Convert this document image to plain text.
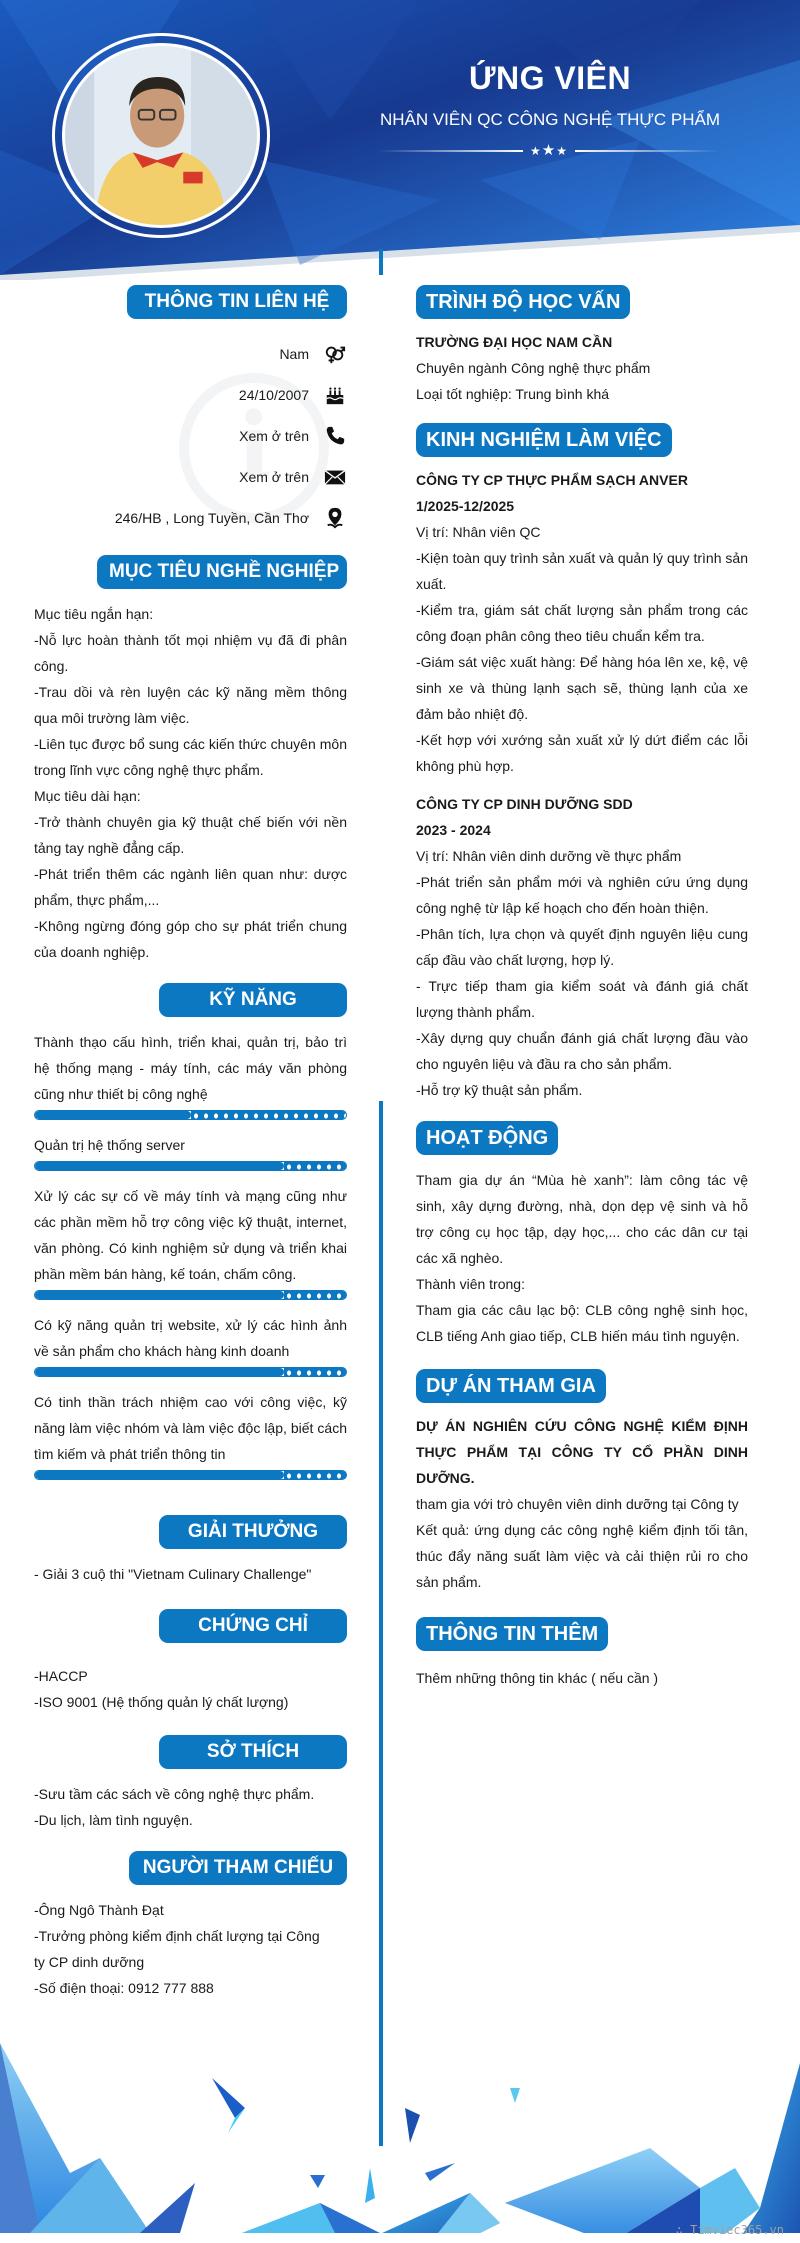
ỨNG VIÊN
NHÂN VIÊN QC CÔNG NGHỆ THỰC PHẨM
★★★
THÔNG TIN LIÊN HỆ
i
Nam
24/10/2007
Xem ở trên
Xem ở trên
246/HB , Long Tuyền, Cần Thơ
MỤC TIÊU NGHỀ NGHIỆP
Mục tiêu ngắn hạn:
-Nỗ lực hoàn thành tốt mọi nhiệm vụ đã đi phân công.
-Trau dồi và rèn luyện các kỹ năng mềm thông qua môi trường làm việc.
-Liên tục được bổ sung các kiến thức chuyên môn trong lĩnh vực công nghệ thực phẩm.
Mục tiêu dài hạn:
-Trở thành chuyên gia kỹ thuật chế biến với nền tảng tay nghề đẳng cấp.
-Phát triển thêm các ngành liên quan như: dược phẩm, thực phẩm,...
-Không ngừng đóng góp cho sự phát triển chung của doanh nghiệp.
KỸ NĂNG
Thành thạo cấu hình, triển khai, quản trị, bảo trì hệ thống mạng - máy tính, các máy văn phòng cũng như thiết bị công nghệ
Quản trị hệ thống server
Xử lý các sự cố về máy tính và mạng cũng như các phần mềm hỗ trợ công việc kỹ thuật, internet, văn phòng. Có kinh nghiệm sử dụng và triển khai phần mềm bán hàng, kế toán, chấm công.
Có kỹ năng quản trị website, xử lý các hình ảnh về sản phẩm cho khách hàng kinh doanh
Có tinh thần trách nhiệm cao với công việc, kỹ năng làm việc nhóm và làm việc độc lập, biết cách tìm kiếm và phát triển thông tin
GIẢI THƯỞNG
- Giải 3 cuộ thi "Vietnam Culinary Challenge"
CHỨNG CHỈ
-HACCP
-ISO 9001 (Hệ thống quản lý chất lượng)
SỞ THÍCH
-Sưu tầm các sách về công nghệ thực phẩm.
-Du lịch, làm tình nguyện.
NGƯỜI THAM CHIẾU
-Ông Ngô Thành Đạt
-Trưởng phòng kiểm định chất lượng tại Công ty CP dinh dưỡng
-Số điện thoại: 0912 777 888
TRÌNH ĐỘ HỌC VẤN
TRƯỜNG ĐẠI HỌC NAM CẦN
Chuyên ngành Công nghệ thực phẩm
Loại tốt nghiệp: Trung bình khá
KINH NGHIỆM LÀM VIỆC
CÔNG TY CP THỰC PHẨM SẠCH ANVER
1/2025-12/2025
Vị trí: Nhân viên QC
-Kiện toàn quy trình sản xuất và quản lý quy trình sản xuất.
-Kiểm tra, giám sát chất lượng sản phẩm trong các công đoạn phân công theo tiêu chuẩn kểm tra.
-Giám sát việc xuất hàng: Để hàng hóa lên xe, kệ, vệ sinh xe và thùng lạnh sạch sẽ, thùng lạnh của xe đảm bảo nhiệt độ.
-Kết hợp với xướng sản xuất xử lý dứt điểm các lỗi không phù hợp.
CÔNG TY CP DINH DƯỠNG SDD
2023 - 2024
Vị trí: Nhân viên dinh dưỡng về thực phẩm
-Phát triển sản phẩm mới và nghiên cứu ứng dụng công nghệ từ lập kế hoạch cho đến hoàn thiện.
-Phân tích, lựa chọn và quyết định nguyên liệu cung cấp đầu vào chất lượng, hợp lý.
- Trực tiếp tham gia kiểm soát và đánh giá chất lượng thành phẩm.
-Xây dựng quy chuẩn đánh giá chất lượng đầu vào cho nguyên liệu và đầu ra cho sản phẩm.
-Hỗ trợ kỹ thuật sản phẩm.
HOẠT ĐỘNG
Tham gia dự án “Mùa hè xanh”: làm công tác vệ sinh, xây dựng đường, nhà, dọn dẹp vệ sinh và hỗ trợ công cụ học tập, dạy học,... cho các dân cư tại các xã nghèo.
Thành viên trong:
Tham gia các câu lạc bộ: CLB công nghệ sinh học, CLB tiếng Anh giao tiếp, CLB hiến máu tình nguyện.
DỰ ÁN THAM GIA
DỰ ÁN NGHIÊN CỨU CÔNG NGHỆ KIỂM ĐỊNH THỰC PHẨM TẠI CÔNG TY CỔ PHẦN DINH DƯỠNG.
tham gia với trò chuyên viên dinh dưỡng tại Công ty
Kết quả: ứng dụng các công nghệ kiểm định tối tân, thúc đẩy năng suất làm việc và cải thiện rủi ro cho sản phẩm.
THÔNG TIN THÊM
Thêm những thông tin khác ( nếu cần )
∴ Timviec365.vn
